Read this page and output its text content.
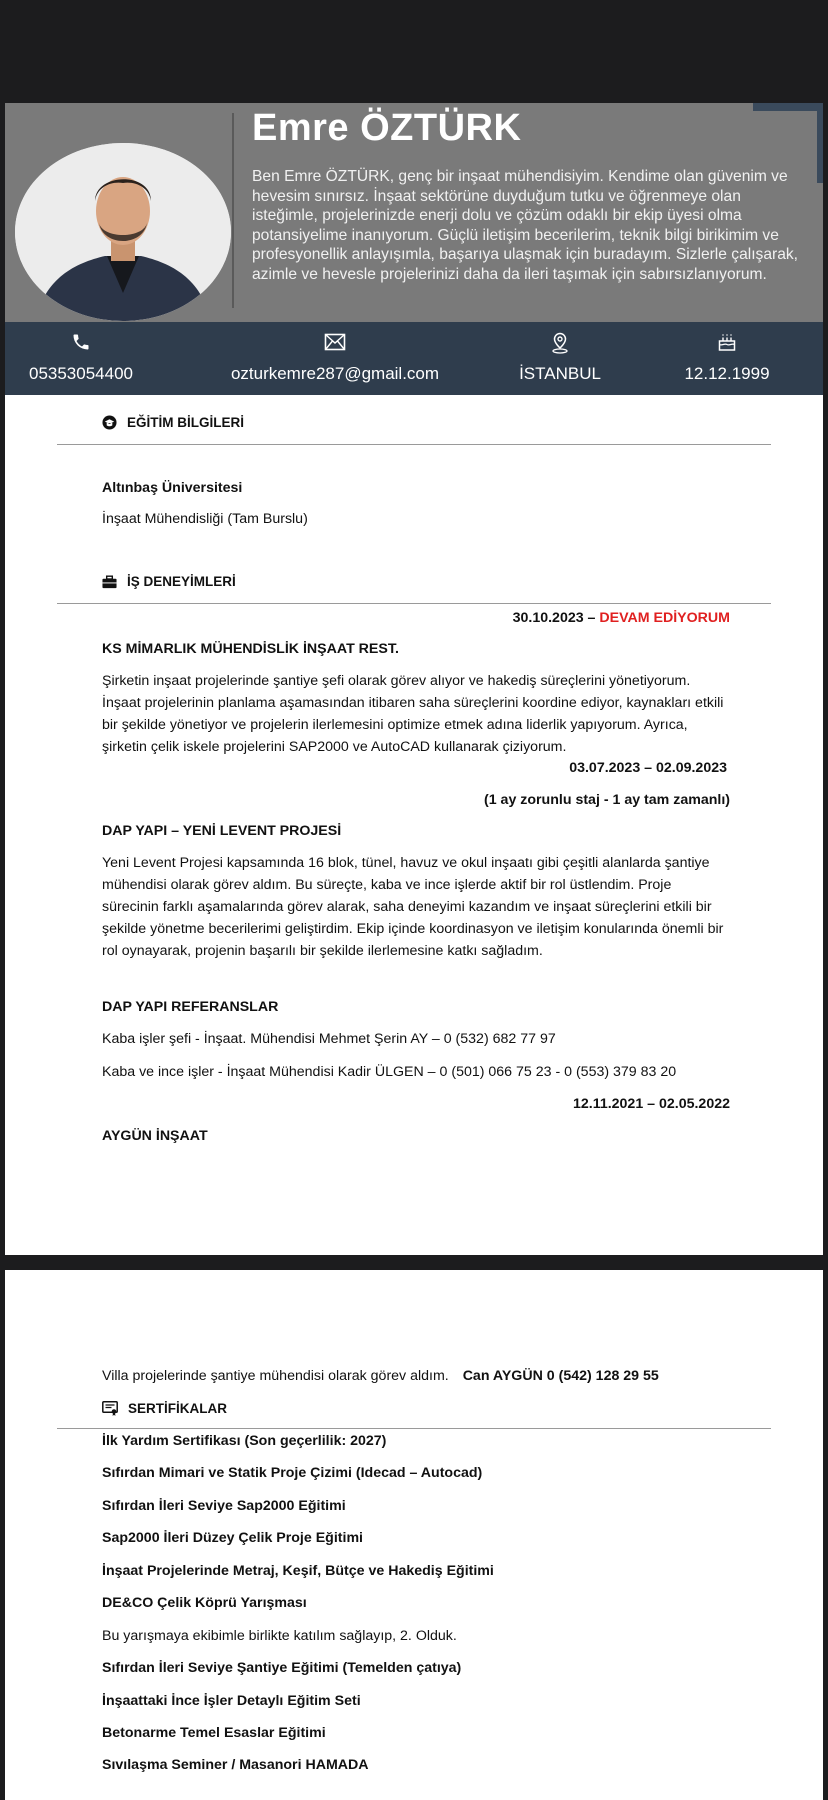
Emre ÖZTÜRK
Ben Emre ÖZTÜRK, genç bir inşaat mühendisiyim. Kendime olan güvenim ve hevesim sınırsız. İnşaat sektörüne duyduğum tutku ve öğrenmeye olan isteğimle, projelerinizde enerji dolu ve çözüm odaklı bir ekip üyesi olma potansiyelime inanıyorum. Güçlü iletişim becerilerim, teknik bilgi birikimim ve profesyonellik anlayışımla, başarıya ulaşmak için buradayım. Sizlerle çalışarak, azimle ve hevesle projelerinizi daha da ileri taşımak için sabırsızlanıyorum.
05353054400	ozturkemre287@gmail.com	İSTANBUL	12.12.1999
EĞİTİM BİLGİLERİ
Altınbaş Üniversitesi
İnşaat Mühendisliği (Tam Burslu)
İŞ DENEYİMLERİ
30.10.2023 – DEVAM EDİYORUM
KS MİMARLIK MÜHENDİSLİK İNŞAAT REST.
Şirketin inşaat projelerinde şantiye şefi olarak görev alıyor ve hakediş süreçlerini yönetiyorum. İnşaat projelerinin planlama aşamasından itibaren saha süreçlerini koordine ediyor, kaynakları etkili bir şekilde yönetiyor ve projelerin ilerlemesini optimize etmek adına liderlik yapıyorum. Ayrıca, şirketin çelik iskele projelerini SAP2000 ve AutoCAD kullanarak çiziyorum.
03.07.2023 – 02.09.2023
(1 ay zorunlu staj - 1 ay tam zamanlı)
DAP YAPI – YENİ LEVENT PROJESİ
Yeni Levent Projesi kapsamında 16 blok, tünel, havuz ve okul inşaatı gibi çeşitli alanlarda şantiye mühendisi olarak görev aldım. Bu süreçte, kaba ve ince işlerde aktif bir rol üstlendim. Proje sürecinin farklı aşamalarında görev alarak, saha deneyimi kazandım ve inşaat süreçlerini etkili bir şekilde yönetme becerilerimi geliştirdim. Ekip içinde koordinasyon ve iletişim konularında önemli bir rol oynayarak, projenin başarılı bir şekilde ilerlemesine katkı sağladım.
DAP YAPI REFERANSLAR
Kaba işler şefi - İnşaat. Mühendisi Mehmet Şerin AY – 0 (532) 682 77 97
Kaba ve ince işler - İnşaat Mühendisi Kadir ÜLGEN – 0 (501) 066 75 23 - 0 (553) 379 83 20
12.11.2021 – 02.05.2022
AYGÜN İNŞAAT
Villa projelerinde şantiye mühendisi olarak görev aldım. Can AYGÜN 0 (542) 128 29 55
SERTİFİKALAR
İlk Yardım Sertifikası (Son geçerlilik: 2027)
Sıfırdan Mimari ve Statik Proje Çizimi (Idecad – Autocad)
Sıfırdan İleri Seviye Sap2000 Eğitimi
Sap2000 İleri Düzey Çelik Proje Eğitimi
İnşaat Projelerinde Metraj, Keşif, Bütçe ve Hakediş Eğitimi
DE&CO Çelik Köprü Yarışması
Bu yarışmaya ekibimle birlikte katılım sağlayıp, 2. Olduk.
Sıfırdan İleri Seviye Şantiye Eğitimi (Temelden çatıya)
İnşaattaki İnce İşler Detaylı Eğitim Seti
Betonarme Temel Esaslar Eğitimi
Sıvılaşma Seminer / Masanori HAMADA
